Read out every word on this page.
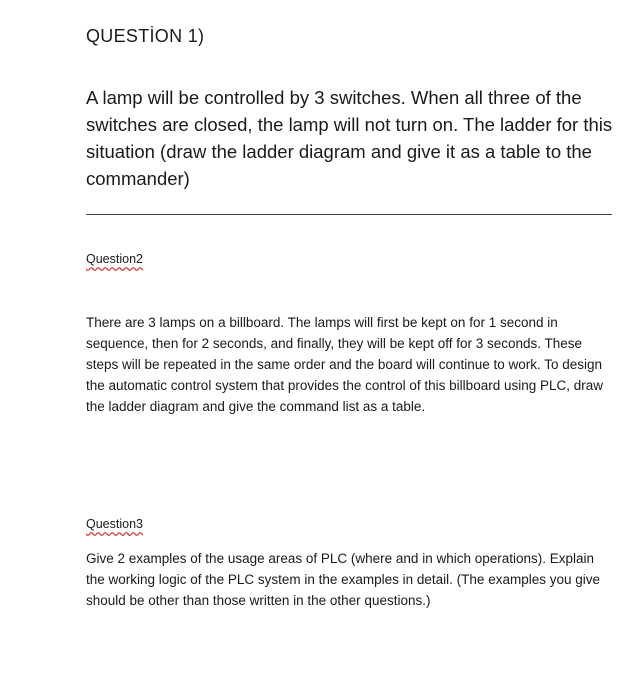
QUESTİON 1)
A lamp will be controlled by 3 switches. When all three of the switches are closed, the lamp will not turn on. The ladder for this situation (draw the ladder diagram and give it as a table to the commander)
Question2
There are 3 lamps on a billboard. The lamps will first be kept on for 1 second in sequence, then for 2 seconds, and finally, they will be kept off for 3 seconds. These steps will be repeated in the same order and the board will continue to work. To design the automatic control system that provides the control of this billboard using PLC, draw the ladder diagram and give the command list as a table.
Question3
Give 2 examples of the usage areas of PLC (where and in which operations). Explain the working logic of the PLC system in the examples in detail. (The examples you give should be other than those written in the other questions.)
